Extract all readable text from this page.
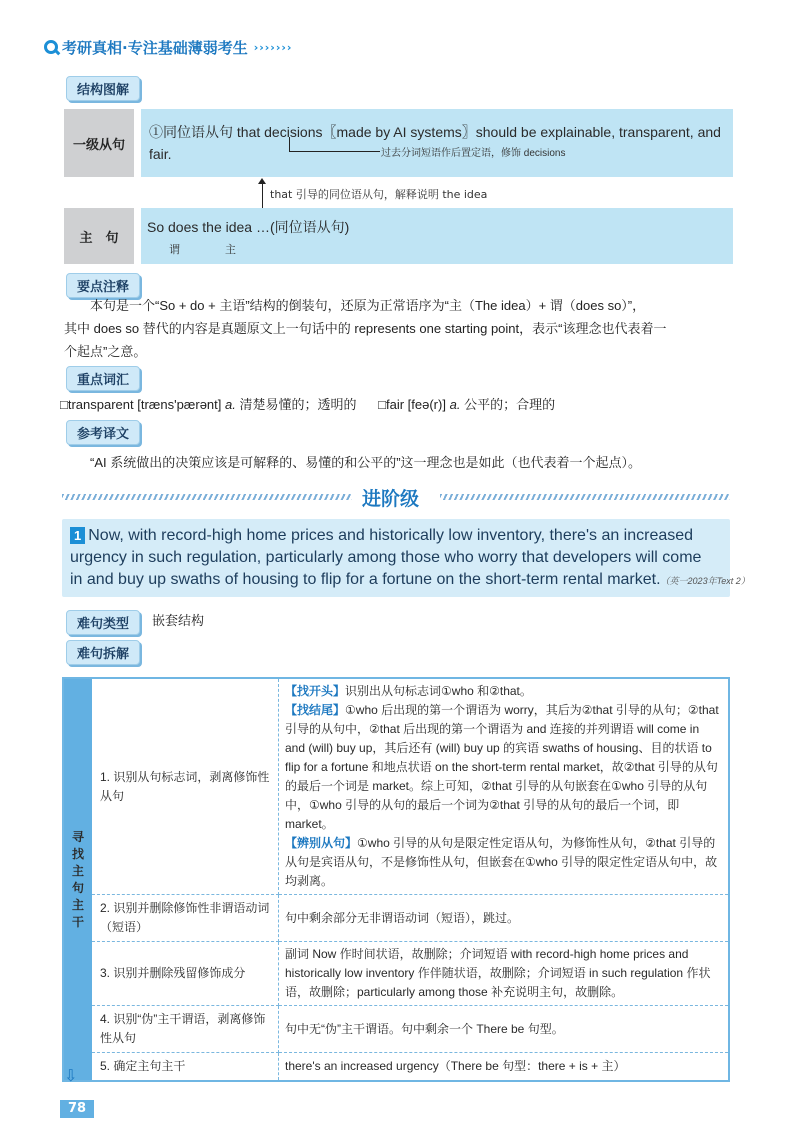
考研真相·专注基础薄弱考生 ›››››››
结构图解
一级从句
①同位语从句 that decisions〖made by AI systems〗should be explainable, transparent, and
fair.	过去分词短语作后置定语，修饰 decisions
that 引导的同位语从句，解释说明 the idea
主　句
So does the idea …(同位语从句)
谓	主
要点注释
本句是一个“So + do + 主语”结构的倒装句，还原为正常语序为“主（The idea）+ 谓（does so）”，
其中 does so 替代的内容是真题原文上一句话中的 represents one starting point，表示“该理念也代表着一
个起点”之意。
重点词汇
□transparent [træns'pærənt] a. 清楚易懂的；透明的 □fair [feə(r)] a. 公平的；合理的
参考译文
“AI 系统做出的决策应该是可解释的、易懂的和公平的”这一理念也是如此（也代表着一个起点）。
进阶级
1 Now, with record-high home prices and historically low inventory, there's an increased
urgency in such regulation, particularly among those who worry that developers will come
in and buy up swaths of housing to flip for a fortune on the short-term rental market.（英一2023年Text 2）
难句类型	嵌套结构
难句拆解
寻找主句主干	1. 识别从句标志词，剥离修饰性从句	【找开头】识别出从句标志词①who 和②that。
【找结尾】①who 后出现的第一个谓语为 worry，其后为②that 引导的从句；②that 引导的从句中，②that 后出现的第一个谓语为 and 连接的并列谓语 will come in and (will) buy up，其后还有 (will) buy up 的宾语 swaths of housing、目的状语 to flip for a fortune 和地点状语 on the short-term rental market，故②that 引导的从句的最后一个词是 market。综上可知，②that 引导的从句嵌套在①who 引导的从句中，①who 引导的从句的最后一个词为②that 引导的从句的最后一个词，即 market。
【辨别从句】①who 引导的从句是限定性定语从句，为修饰性从句，②that 引导的从句是宾语从句，不是修饰性从句，但嵌套在①who 引导的限定性定语从句中，故均剥离。

	2. 识别并删除修饰性非谓语动词（短语）	句中剩余部分无非谓语动词（短语），跳过。
	3. 识别并删除残留修饰成分	副词 Now 作时间状语，故删除；介词短语 with record-high home prices and historically low inventory 作伴随状语，故删除；介词短语 in such regulation 作状语，故删除；particularly among those 补充说明主句，故删除。
	4. 识别“伪”主干谓语，剥离修饰性从句	句中无“伪”主干谓语。句中剩余一个 There be 句型。
	5. 确定主句主干	there's an increased urgency（There be 句型：there + is + 主）
⇩
78
